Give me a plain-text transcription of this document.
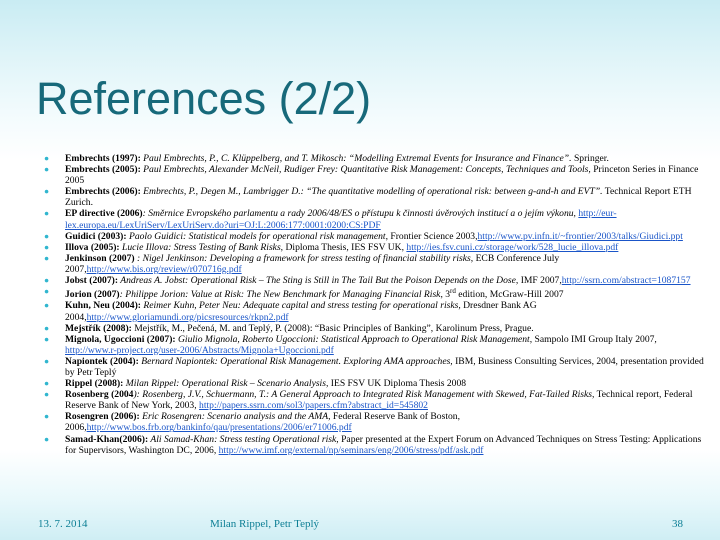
References (2/2)
● Embrechts (1997): Paul Embrechts, P., C. Klüppelberg, and T. Mikosch: “Modelling Extremal Events for Insurance and Finance”. Springer.
● Embrechts (2005): Paul Embrechts, Alexander McNeil, Rudiger Frey: Quantitative Risk Management: Concepts, Techniques and Tools, Princeton Series in Finance 2005
● Embrechts (2006): Embrechts, P., Degen M., Lambrigger D.: “The quantitative modelling of operational risk: between g-and-h and EVT”. Technical Report ETH Zurich.
● EP directive (2006): Směrnice Evropského parlamentu a rady 2006/48/ES o přístupu k činnosti úvěrových institucí a o jejím výkonu, http://eur-lex.europa.eu/LexUriServ/LexUriServ.do?uri=OJ:L:2006:177:0001:0200:CS:PDF
● Guidici (2003): Paolo Guidici: Statistical models for operational risk management, Frontier Science 2003,http://www.pv.infn.it/~frontier/2003/talks/Giudici.ppt
● Illova (2005): Lucie Illova: Stress Testing of Bank Risks, Diploma Thesis, IES FSV UK, http://ies.fsv.cuni.cz/storage/work/528_lucie_illova.pdf
● Jenkinson (2007) : Nigel Jenkinson: Developing a framework for stress testing of financial stability risks, ECB Conference July 2007,http://www.bis.org/review/r070716g.pdf
● Jobst (2007): Andreas A. Jobst: Operational Risk – The Sting is Still in The Tail But the Poison Depends on the Dose, IMF 2007,http://ssrn.com/abstract=1087157
● Jorion (2007): Philippe Jorion: Value at Risk: The New Benchmark for Managing Financial Risk, 3rd edition, McGraw-Hill 2007
● Kuhn, Neu (2004): Reimer Kuhn, Peter Neu: Adequate capital and stress testing for operational risks, Dresdner Bank AG 2004,http://www.gloriamundi.org/picsresources/rkpn2.pdf
● Mejstřík (2008): Mejstřík, M., Pečená, M. and Teplý, P. (2008): “Basic Principles of Banking”, Karolinum Press, Prague.
● Mignola, Ugoccioni (2007): Giulio Mignola, Roberto Ugoccioni: Statistical Approach to Operational Risk Management, Sampolo IMI Group Italy 2007, http://www.r-project.org/user-2006/Abstracts/Mignola+Ugoccioni.pdf
● Napiontek (2004): Bernard Napiontek: Operational Risk Management. Exploring AMA approaches, IBM, Business Consulting Services, 2004, presentation provided by Petr Teplý
● Rippel (2008): Milan Rippel: Operational Risk – Scenario Analysis, IES FSV UK Diploma Thesis 2008
● Rosenberg (2004): Rosenberg, J.V., Schuermann, T.: A General Approach to Integrated Risk Management with Skewed, Fat-Tailed Risks, Technical report, Federal Reserve Bank of New York, 2003, http://papers.ssrn.com/sol3/papers.cfm?abstract_id=545802
● Rosengren (2006): Eric Rosengren: Scenario analysis and the AMA, Federal Reserve Bank of Boston, 2006,http://www.bos.frb.org/bankinfo/qau/presentations/2006/er71006.pdf
● Samad-Khan(2006): Ali Samad-Khan: Stress testing Operational risk, Paper presented at the Expert Forum on Advanced Techniques on Stress Testing: Applications for Supervisors, Washington DC, 2006, http://www.imf.org/external/np/seminars/eng/2006/stress/pdf/ask.pdf
13. 7. 2014	Milan Rippel, Petr Teplý	38
